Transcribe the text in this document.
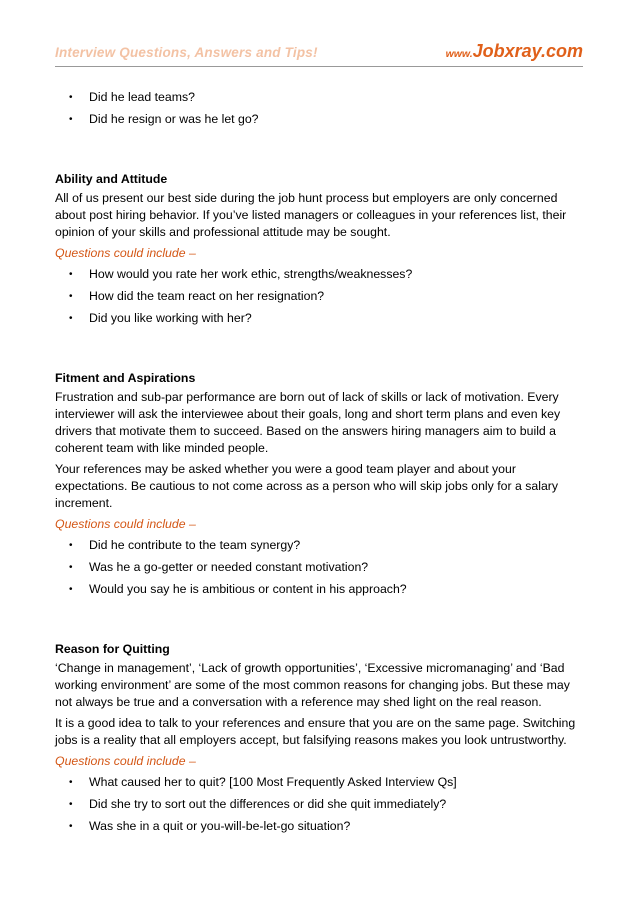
Interview Questions, Answers and Tips!	www.Jobxray.com
• Did he lead teams?
• Did he resign or was he let go?
Ability and Attitude

All of us present our best side during the job hunt process but employers are only concerned about post hiring behavior. If you’ve listed managers or colleagues in your references list, their opinion of your skills and professional attitude may be sought.

Questions could include –
• How would you rate her work ethic, strengths/weaknesses?
• How did the team react on her resignation?
• Did you like working with her?
Fitment and Aspirations

Frustration and sub-par performance are born out of lack of skills or lack of motivation. Every interviewer will ask the interviewee about their goals, long and short term plans and even key drivers that motivate them to succeed. Based on the answers hiring managers aim to build a coherent team with like minded people.

Your references may be asked whether you were a good team player and about your expectations. Be cautious to not come across as a person who will skip jobs only for a salary increment.

Questions could include –
• Did he contribute to the team synergy?
• Was he a go-getter or needed constant motivation?
• Would you say he is ambitious or content in his approach?
Reason for Quitting

‘Change in management’, ‘Lack of growth opportunities’, ‘Excessive micromanaging’ and ‘Bad working environment’ are some of the most common reasons for changing jobs. But these may not always be true and a conversation with a reference may shed light on the real reason.

It is a good idea to talk to your references and ensure that you are on the same page. Switching jobs is a reality that all employers accept, but falsifying reasons makes you look untrustworthy.

Questions could include –
• What caused her to quit? [100 Most Frequently Asked Interview Qs]
• Did she try to sort out the differences or did she quit immediately?
• Was she in a quit or you-will-be-let-go situation?
